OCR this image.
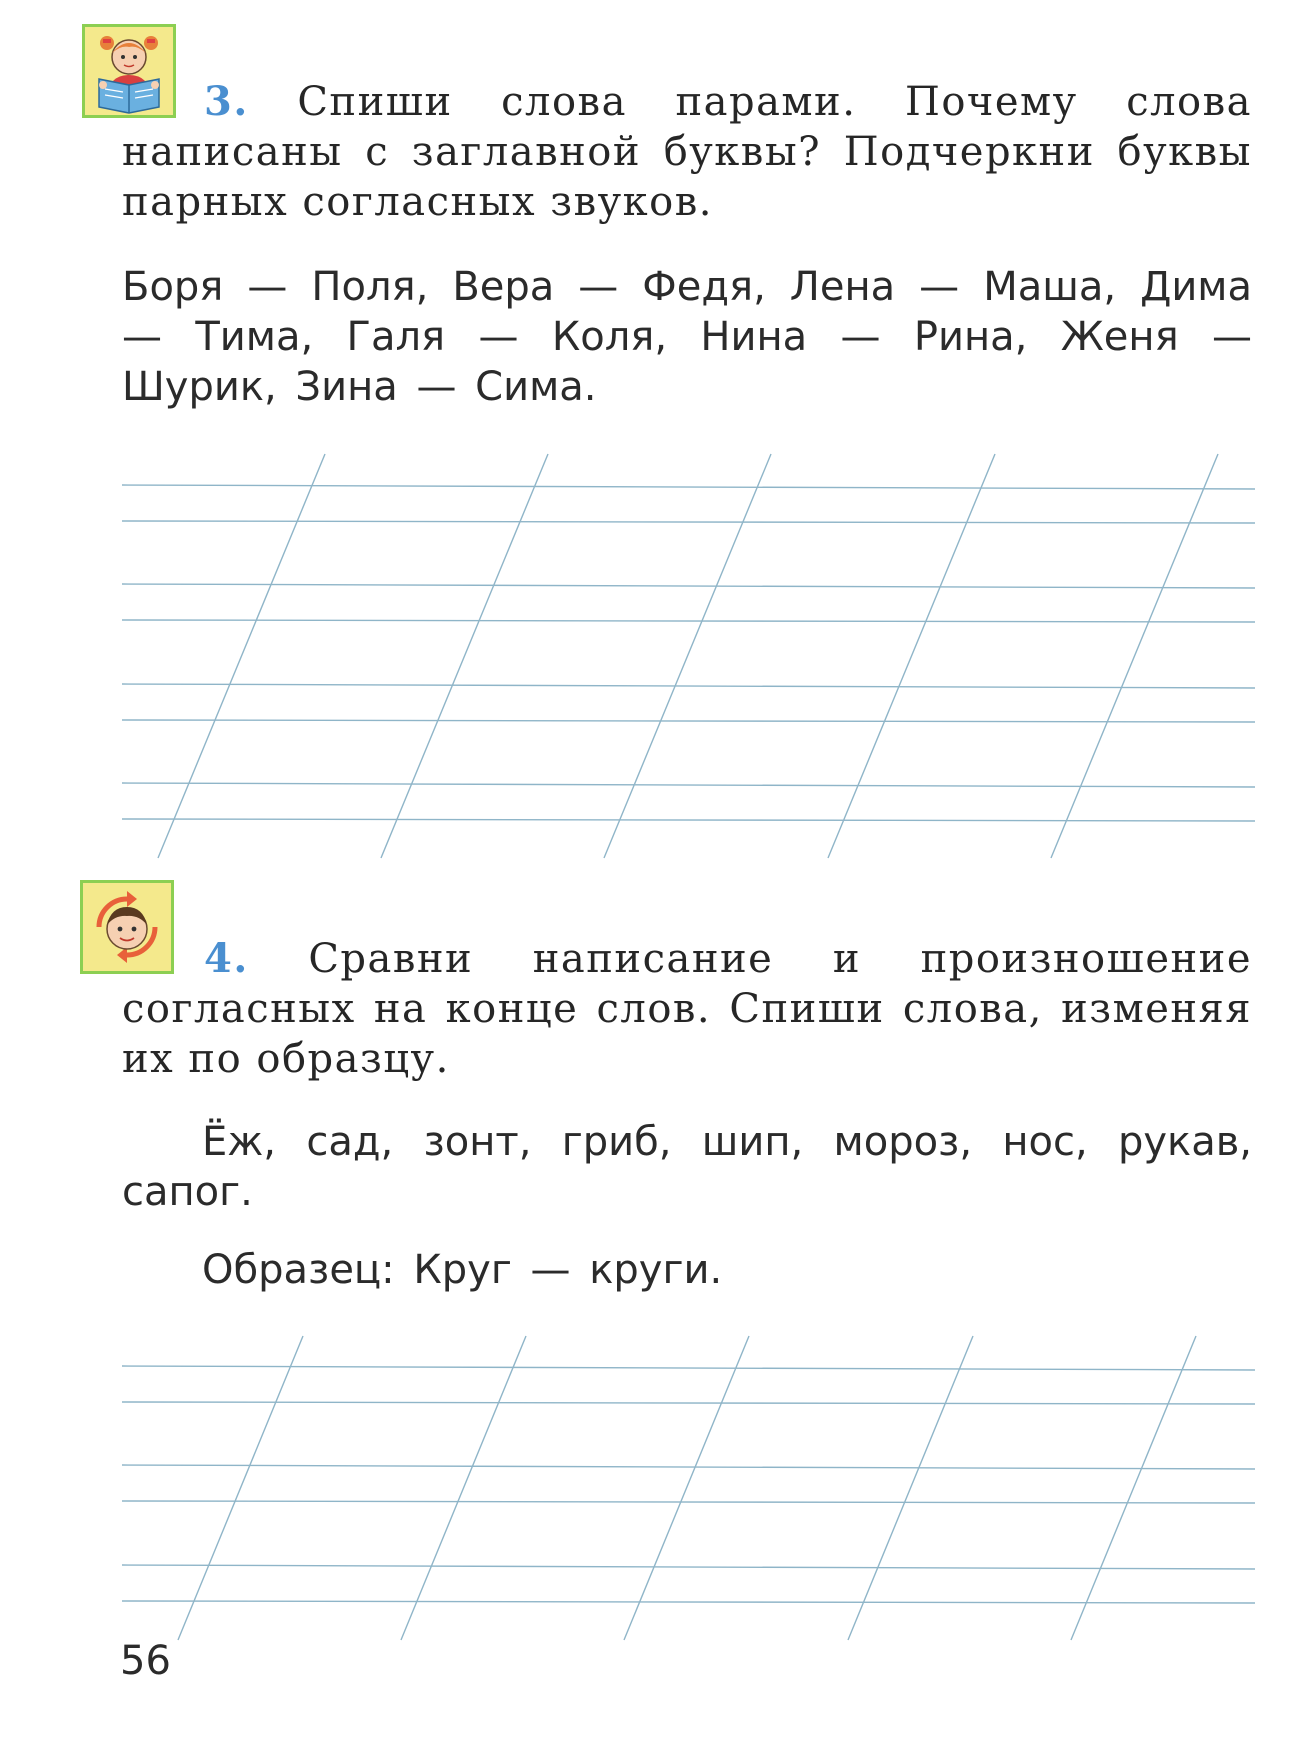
3. Спиши слова парами. Почему слова написаны с заглавной буквы? Подчеркни буквы парных согласных звуков.
Боря — Поля, Вера — Федя, Лена — Маша, Дима — Тима, Галя — Коля, Нина — Рина, Женя — Шурик, Зина — Сима.
4. Сравни написание и произношение согласных на конце слов. Спиши слова, изменяя их по образцу.
Ёж, сад, зонт, гриб, шип, мороз, нос, рукав, сапог.
Образец: Круг — круги.
56
